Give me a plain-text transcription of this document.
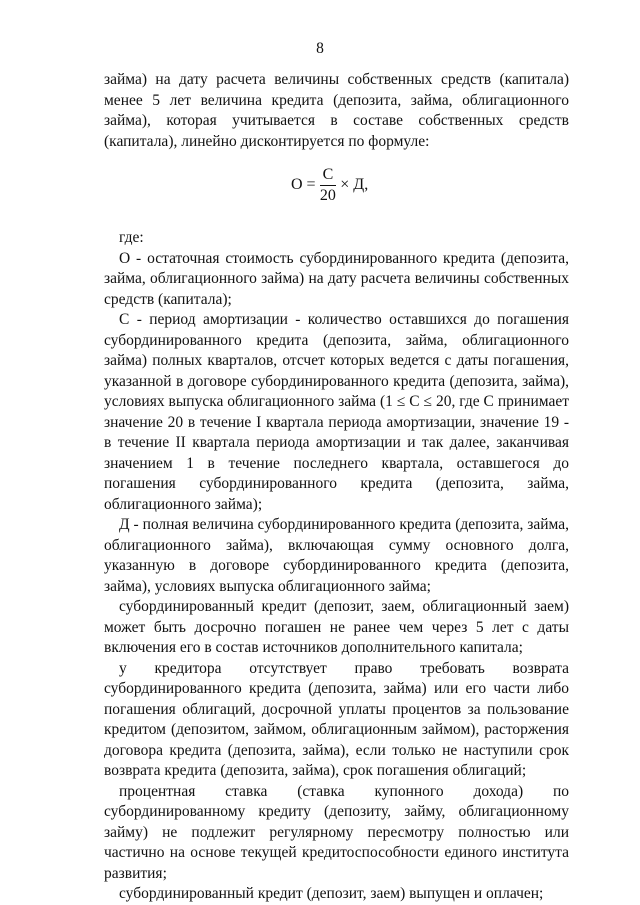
8

займа) на дату расчета величины собственных средств (капитала) менее 5 лет величина кредита (депозита, займа, облигационного займа), которая учитывается в составе собственных средств (капитала), линейно дисконтируется по формуле:

$О = \frac{С}{20} \times Д$,

где:

О - остаточная стоимость субординированного кредита (депозита, займа, облигационного займа) на дату расчета величины собственных средств (капитала);

С - период амортизации - количество оставшихся до погашения субординированного кредита (депозита, займа, облигационного займа) полных кварталов, отсчет которых ведется с даты погашения, указанной в договоре субординированного кредита (депозита, займа), условиях выпуска облигационного займа (1 ≤ С ≤ 20, где С принимает значение 20 в течение I квартала периода амортизации, значение 19 - в течение II квартала периода амортизации и так далее, заканчивая значением 1 в течение последнего квартала, оставшегося до погашения субординированного кредита (депозита, займа, облигационного займа);

Д - полная величина субординированного кредита (депозита, займа, облигационного займа), включающая сумму основного долга, указанную в договоре субординированного кредита (депозита, займа), условиях выпуска облигационного займа;

субординированный кредит (депозит, заем, облигационный заем) может быть досрочно погашен не ранее чем через 5 лет с даты включения его в состав источников дополнительного капитала;

у кредитора отсутствует право требовать возврата субординированного кредита (депозита, займа) или его части либо погашения облигаций, досрочной уплаты процентов за пользование кредитом (депозитом, займом, облигационным займом), расторжения договора кредита (депозита, займа), если только не наступили срок возврата кредита (депозита, займа), срок погашения облигаций;

процентная ставка (ставка купонного дохода) по субординированному кредиту (депозиту, займу, облигационному займу) не подлежит регулярному пересмотру полностью или частично на основе текущей кредитоспособности единого института развития;

субординированный кредит (депозит, заем) выпущен и оплачен;
